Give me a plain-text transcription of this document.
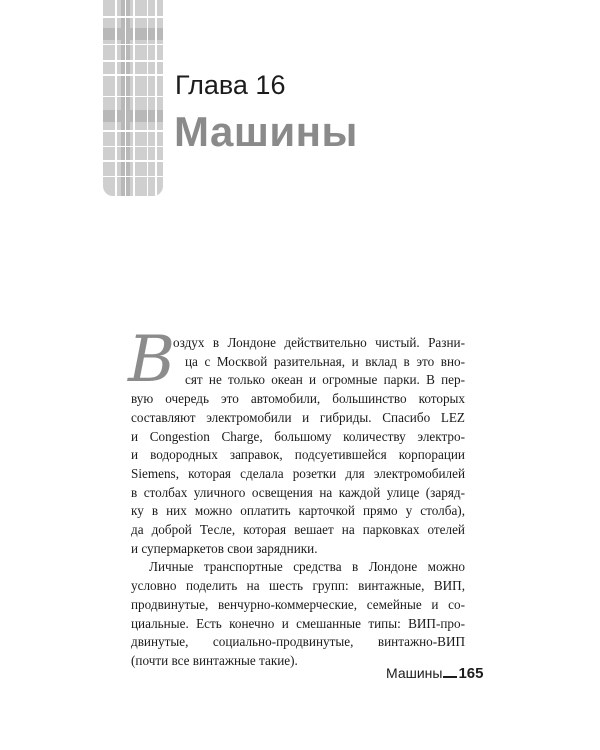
Глава 16
Машины
В
оздух в Лондоне действительно чистый. Разни-
ца с Москвой разительная, и вклад в это вно-
сят не только океан и огромные парки. В пер-
вую очередь это автомобили, большинство которых
составляют электромобили и гибриды. Спасибо LEZ
и Congestion Charge, большому количеству электро-
и водородных заправок, подсуетившейся корпорации
Siemens, которая сделала розетки для электромобилей
в столбах уличного освещения на каждой улице (заряд-
ку в них можно оплатить карточкой прямо у столба),
да доброй Тесле, которая вешает на парковках отелей
и супермаркетов свои зарядники.
Личные транспортные средства в Лондоне можно
условно поделить на шесть групп: винтажные, ВИП,
продвинутые, венчурно-коммерческие, семейные и со-
циальные. Есть конечно и смешанные типы: ВИП-про-
двинутые, социально-продвинутые, винтажно-ВИП
(почти все винтажные такие).
Машины 165
